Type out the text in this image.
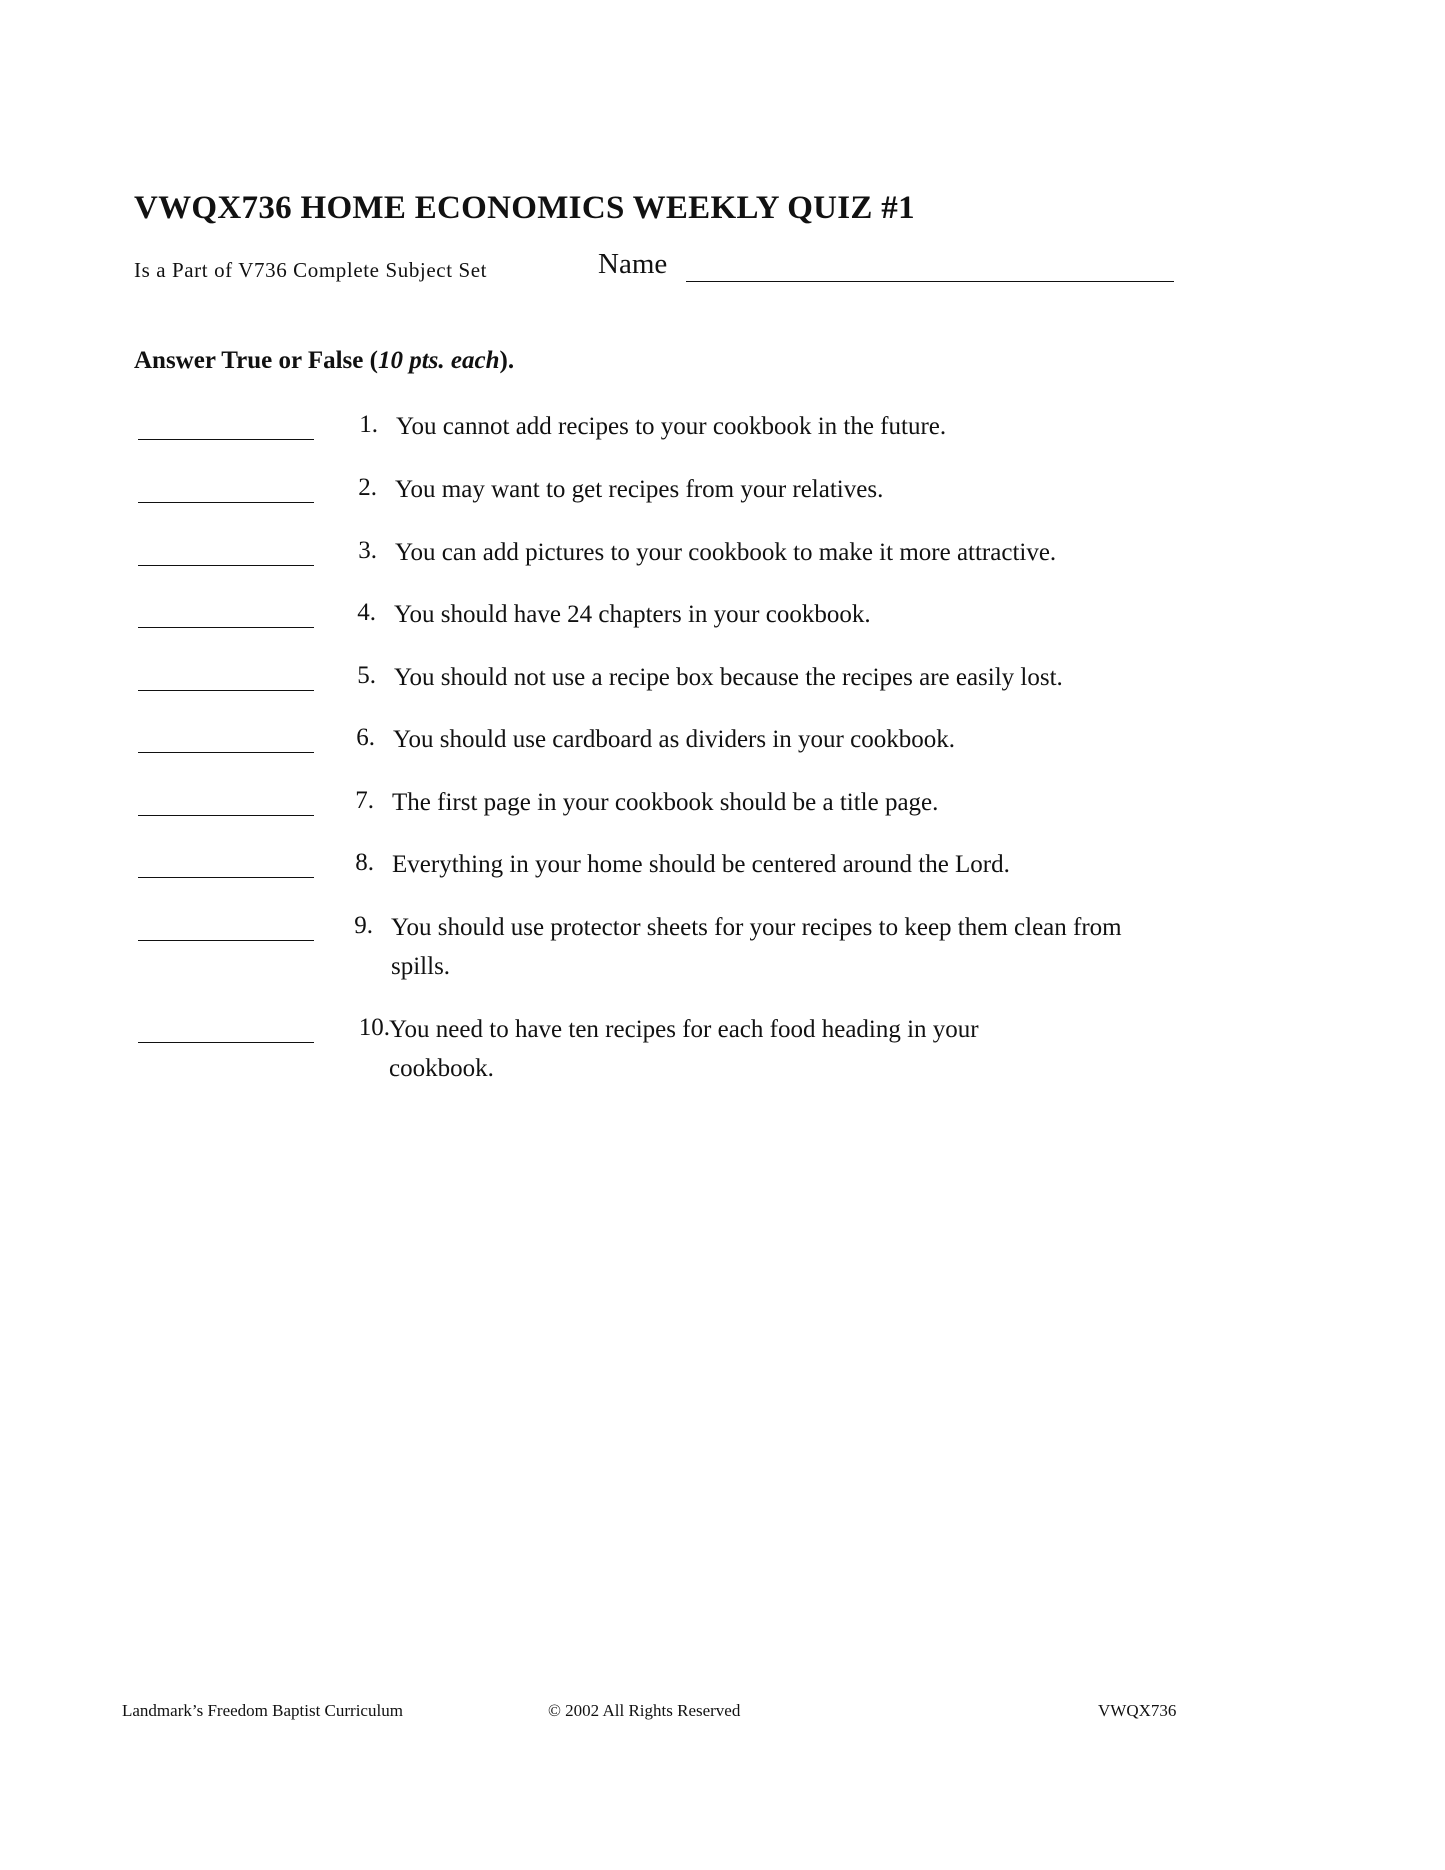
VWQX736 HOME ECONOMICS WEEKLY QUIZ #1
Is a Part of V736 Complete Subject Set	Name
Answer True or False (10 pts. each).
1. You cannot add recipes to your cookbook in the future.
2. You may want to get recipes from your relatives.
3. You can add pictures to your cookbook to make it more attractive.
4. You should have 24 chapters in your cookbook.
5. You should not use a recipe box because the recipes are easily lost.
6. You should use cardboard as dividers in your cookbook.
7. The first page in your cookbook should be a title page.
8. Everything in your home should be centered around the Lord.
9. You should use protector sheets for your recipes to keep them clean from spills.
10. You need to have ten recipes for each food heading in your cookbook.
Landmark’s Freedom Baptist Curriculum	© 2002 All Rights Reserved	VWQX736
